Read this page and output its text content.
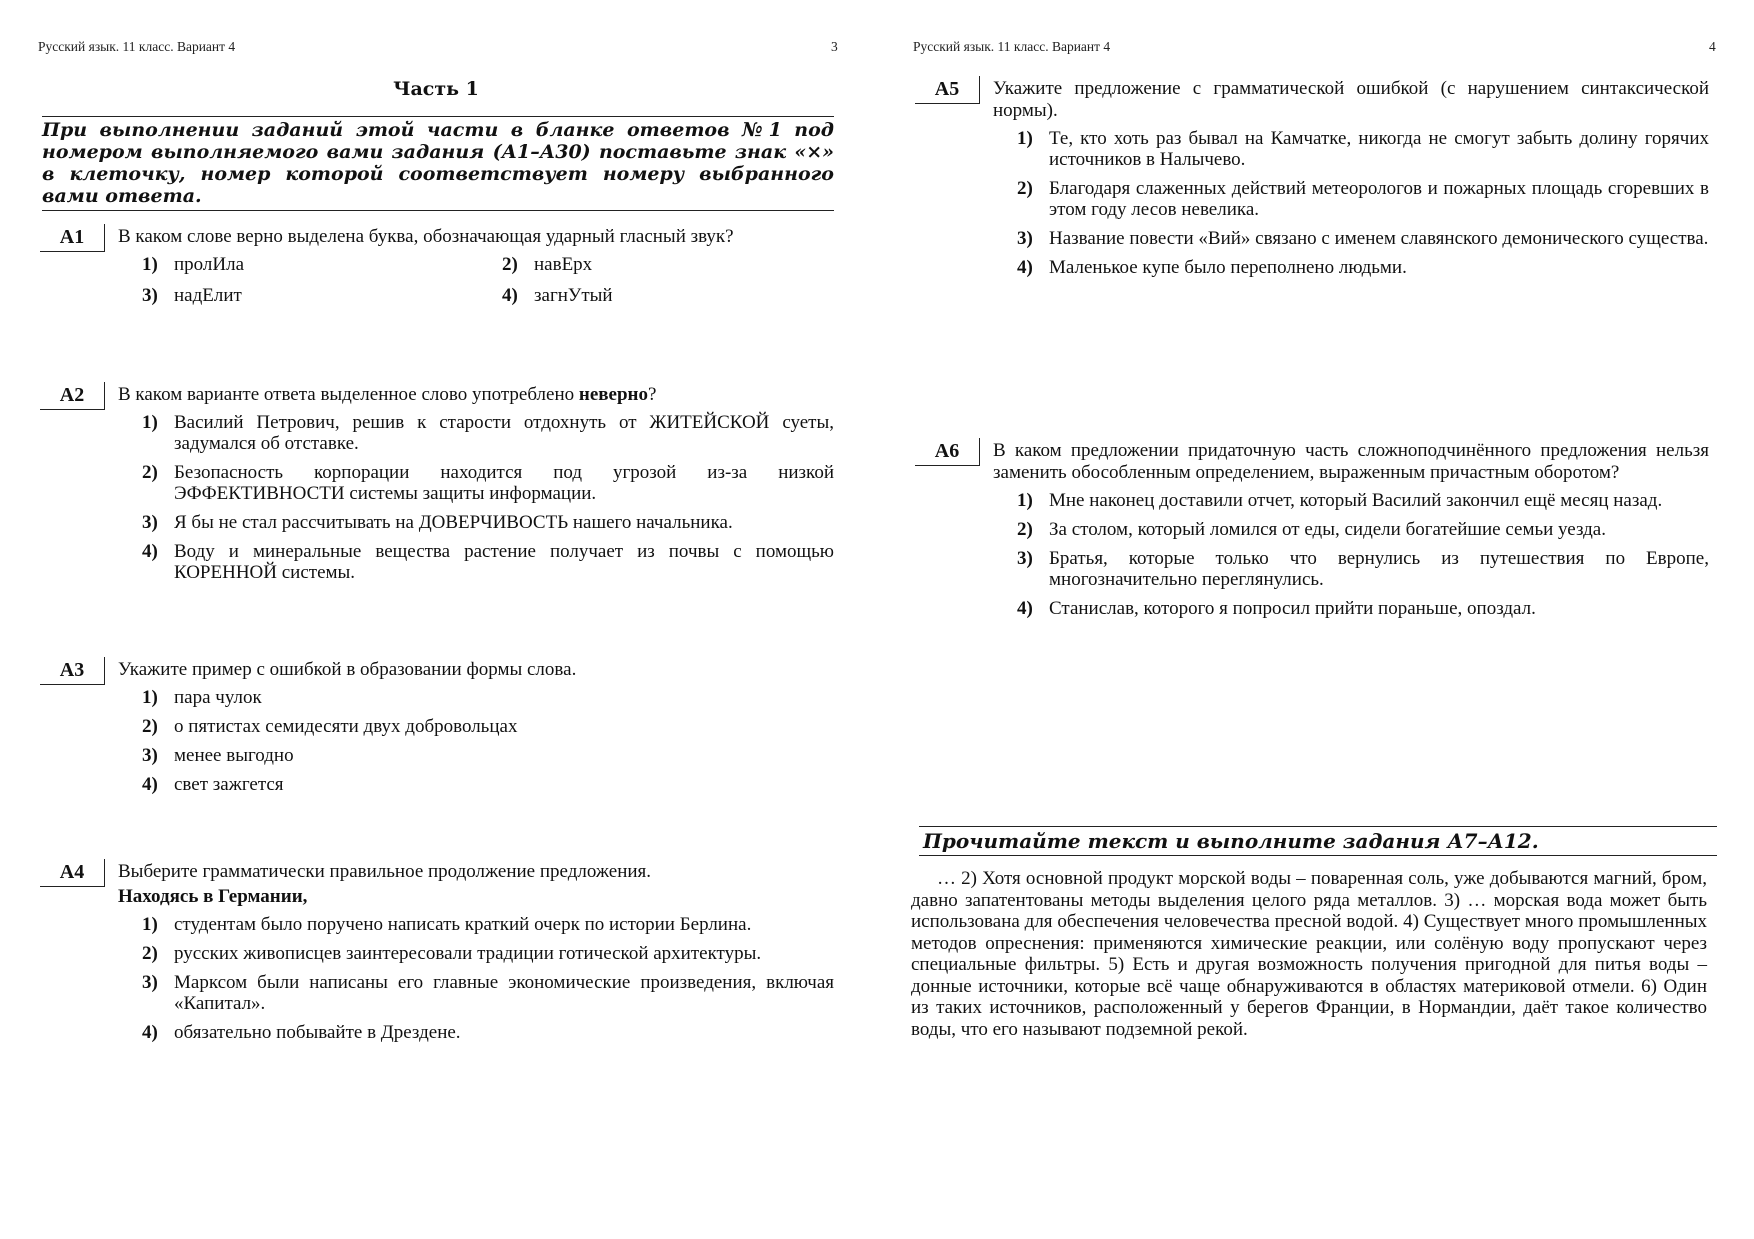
Русский язык. 11 класс. Вариант 4	3
Часть 1
При выполнении заданий этой части в бланке ответов №1 под номером выполняемого вами задания (А1–А30) поставьте знак «×» в клеточку, номер которой соответствует номеру выбранного вами ответа.
А1	В каком слове верно выделена буква, обозначающая ударный гласный звук?
1) пролИла	2) навЕрх
3) надЕлит	4) загнУтый
А2	В каком варианте ответа выделенное слово употреблено неверно?
1) Василий Петрович, решив к старости отдохнуть от ЖИТЕЙСКОЙ суеты, задумался об отставке.
2) Безопасность корпорации находится под угрозой из-за низкой ЭФФЕКТИВНОСТИ системы защиты информации.
3) Я бы не стал рассчитывать на ДОВЕРЧИВОСТЬ нашего начальника.
4) Воду и минеральные вещества растение получает из почвы с помощью КОРЕННОЙ системы.
А3	Укажите пример с ошибкой в образовании формы слова.
1) пара чулок
2) о пятистах семидесяти двух добровольцах
3) менее выгодно
4) свет зажгется
А4	Выберите грамматически правильное продолжение предложения.
Находясь в Германии,
1) студентам было поручено написать краткий очерк по истории Берлина.
2) русских живописцев заинтересовали традиции готической архитектуры.
3) Марксом были написаны его главные экономические произведения, включая «Капитал».
4) обязательно побывайте в Дрездене.
Русский язык. 11 класс. Вариант 4	4
А5	Укажите предложение с грамматической ошибкой (с нарушением синтаксической нормы).
1) Те, кто хоть раз бывал на Камчатке, никогда не смогут забыть долину горячих источников в Налычево.
2) Благодаря слаженных действий метеорологов и пожарных площадь сгоревших в этом году лесов невелика.
3) Название повести «Вий» связано с именем славянского демонического существа.
4) Маленькое купе было переполнено людьми.
А6	В каком предложении придаточную часть сложноподчинённого предложения нельзя заменить обособленным определением, выраженным причастным оборотом?
1) Мне наконец доставили отчет, который Василий закончил ещё месяц назад.
2) За столом, который ломился от еды, сидели богатейшие семьи уезда.
3) Братья, которые только что вернулись из путешествия по Европе, многозначительно переглянулись.
4) Станислав, которого я попросил прийти пораньше, опоздал.
Прочитайте текст и выполните задания А7–А12.
… 2) Хотя основной продукт морской воды – поваренная соль, уже добываются магний, бром, давно запатентованы методы выделения целого ряда металлов. 3) … морская вода может быть использована для обеспечения человечества пресной водой. 4) Существует много промышленных методов опреснения: применяются химические реакции, или солёную воду пропускают через специальные фильтры. 5) Есть и другая возможность получения пригодной для питья воды – донные источники, которые всё чаще обнаруживаются в областях материковой отмели. 6) Один из таких источников, расположенный у берегов Франции, в Нормандии, даёт такое количество воды, что его называют подземной рекой.
